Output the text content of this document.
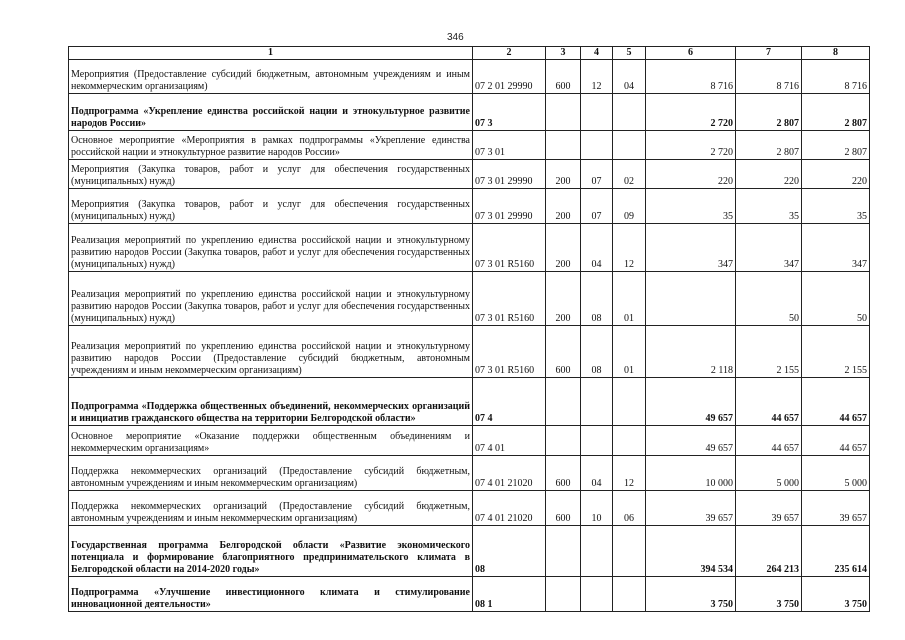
346
1	2	3	4	5	6	7	8
Мероприятия (Предоставление субсидий бюджетным, автономным учреждениям и иным некоммерческим организациям)	07 2 01 29990	600	12	04	8 716	8 716	8 716
Подпрограмма «Укрепление единства российской нации и этнокультурное развитие народов России»	07 3				2 720	2 807	2 807
Основное мероприятие «Мероприятия в рамках подпрограммы «Укрепление единства российской нации и этнокультурное развитие народов России»	07 3 01				2 720	2 807	2 807
Мероприятия (Закупка товаров, работ и услуг для обеспечения государственных (муниципальных) нужд)	07 3 01 29990	200	07	02	220	220	220
Мероприятия (Закупка товаров, работ и услуг для обеспечения государственных (муниципальных) нужд)	07 3 01 29990	200	07	09	35	35	35
Реализация мероприятий по укреплению единства российской нации и этнокультурному развитию народов России (Закупка товаров, работ и услуг для обеспечения государственных (муниципальных) нужд)	07 3 01 R5160	200	04	12	347	347	347
Реализация мероприятий по укреплению единства российской нации и этнокультурному развитию народов России (Закупка товаров, работ и услуг для обеспечения государственных (муниципальных) нужд)	07 3 01 R5160	200	08	01		50	50
Реализация мероприятий по укреплению единства российской нации и этнокультурному развитию народов России (Предоставление субсидий бюджетным, автономным учреждениям и иным некоммерческим организациям)	07 3 01 R5160	600	08	01	2 118	2 155	2 155
Подпрограмма «Поддержка общественных объединений, некоммерческих организаций и инициатив гражданского общества на территории Белгородской области»	07 4				49 657	44 657	44 657
Основное мероприятие «Оказание поддержки общественным объединениям и некоммерческим организациям»	07 4 01				49 657	44 657	44 657
Поддержка некоммерческих организаций (Предоставление субсидий бюджетным, автономным учреждениям и иным некоммерческим организациям)	07 4 01 21020	600	04	12	10 000	5 000	5 000
Поддержка некоммерческих организаций (Предоставление субсидий бюджетным, автономным учреждениям и иным некоммерческим организациям)	07 4 01 21020	600	10	06	39 657	39 657	39 657
Государственная программа Белгородской области «Развитие экономического потенциала и формирование благоприятного предпринимательского климата в Белгородской области на 2014-2020 годы»	08				394 534	264 213	235 614
Подпрограмма «Улучшение инвестиционного климата и стимулирование инновационной деятельности»	08 1				3 750	3 750	3 750
